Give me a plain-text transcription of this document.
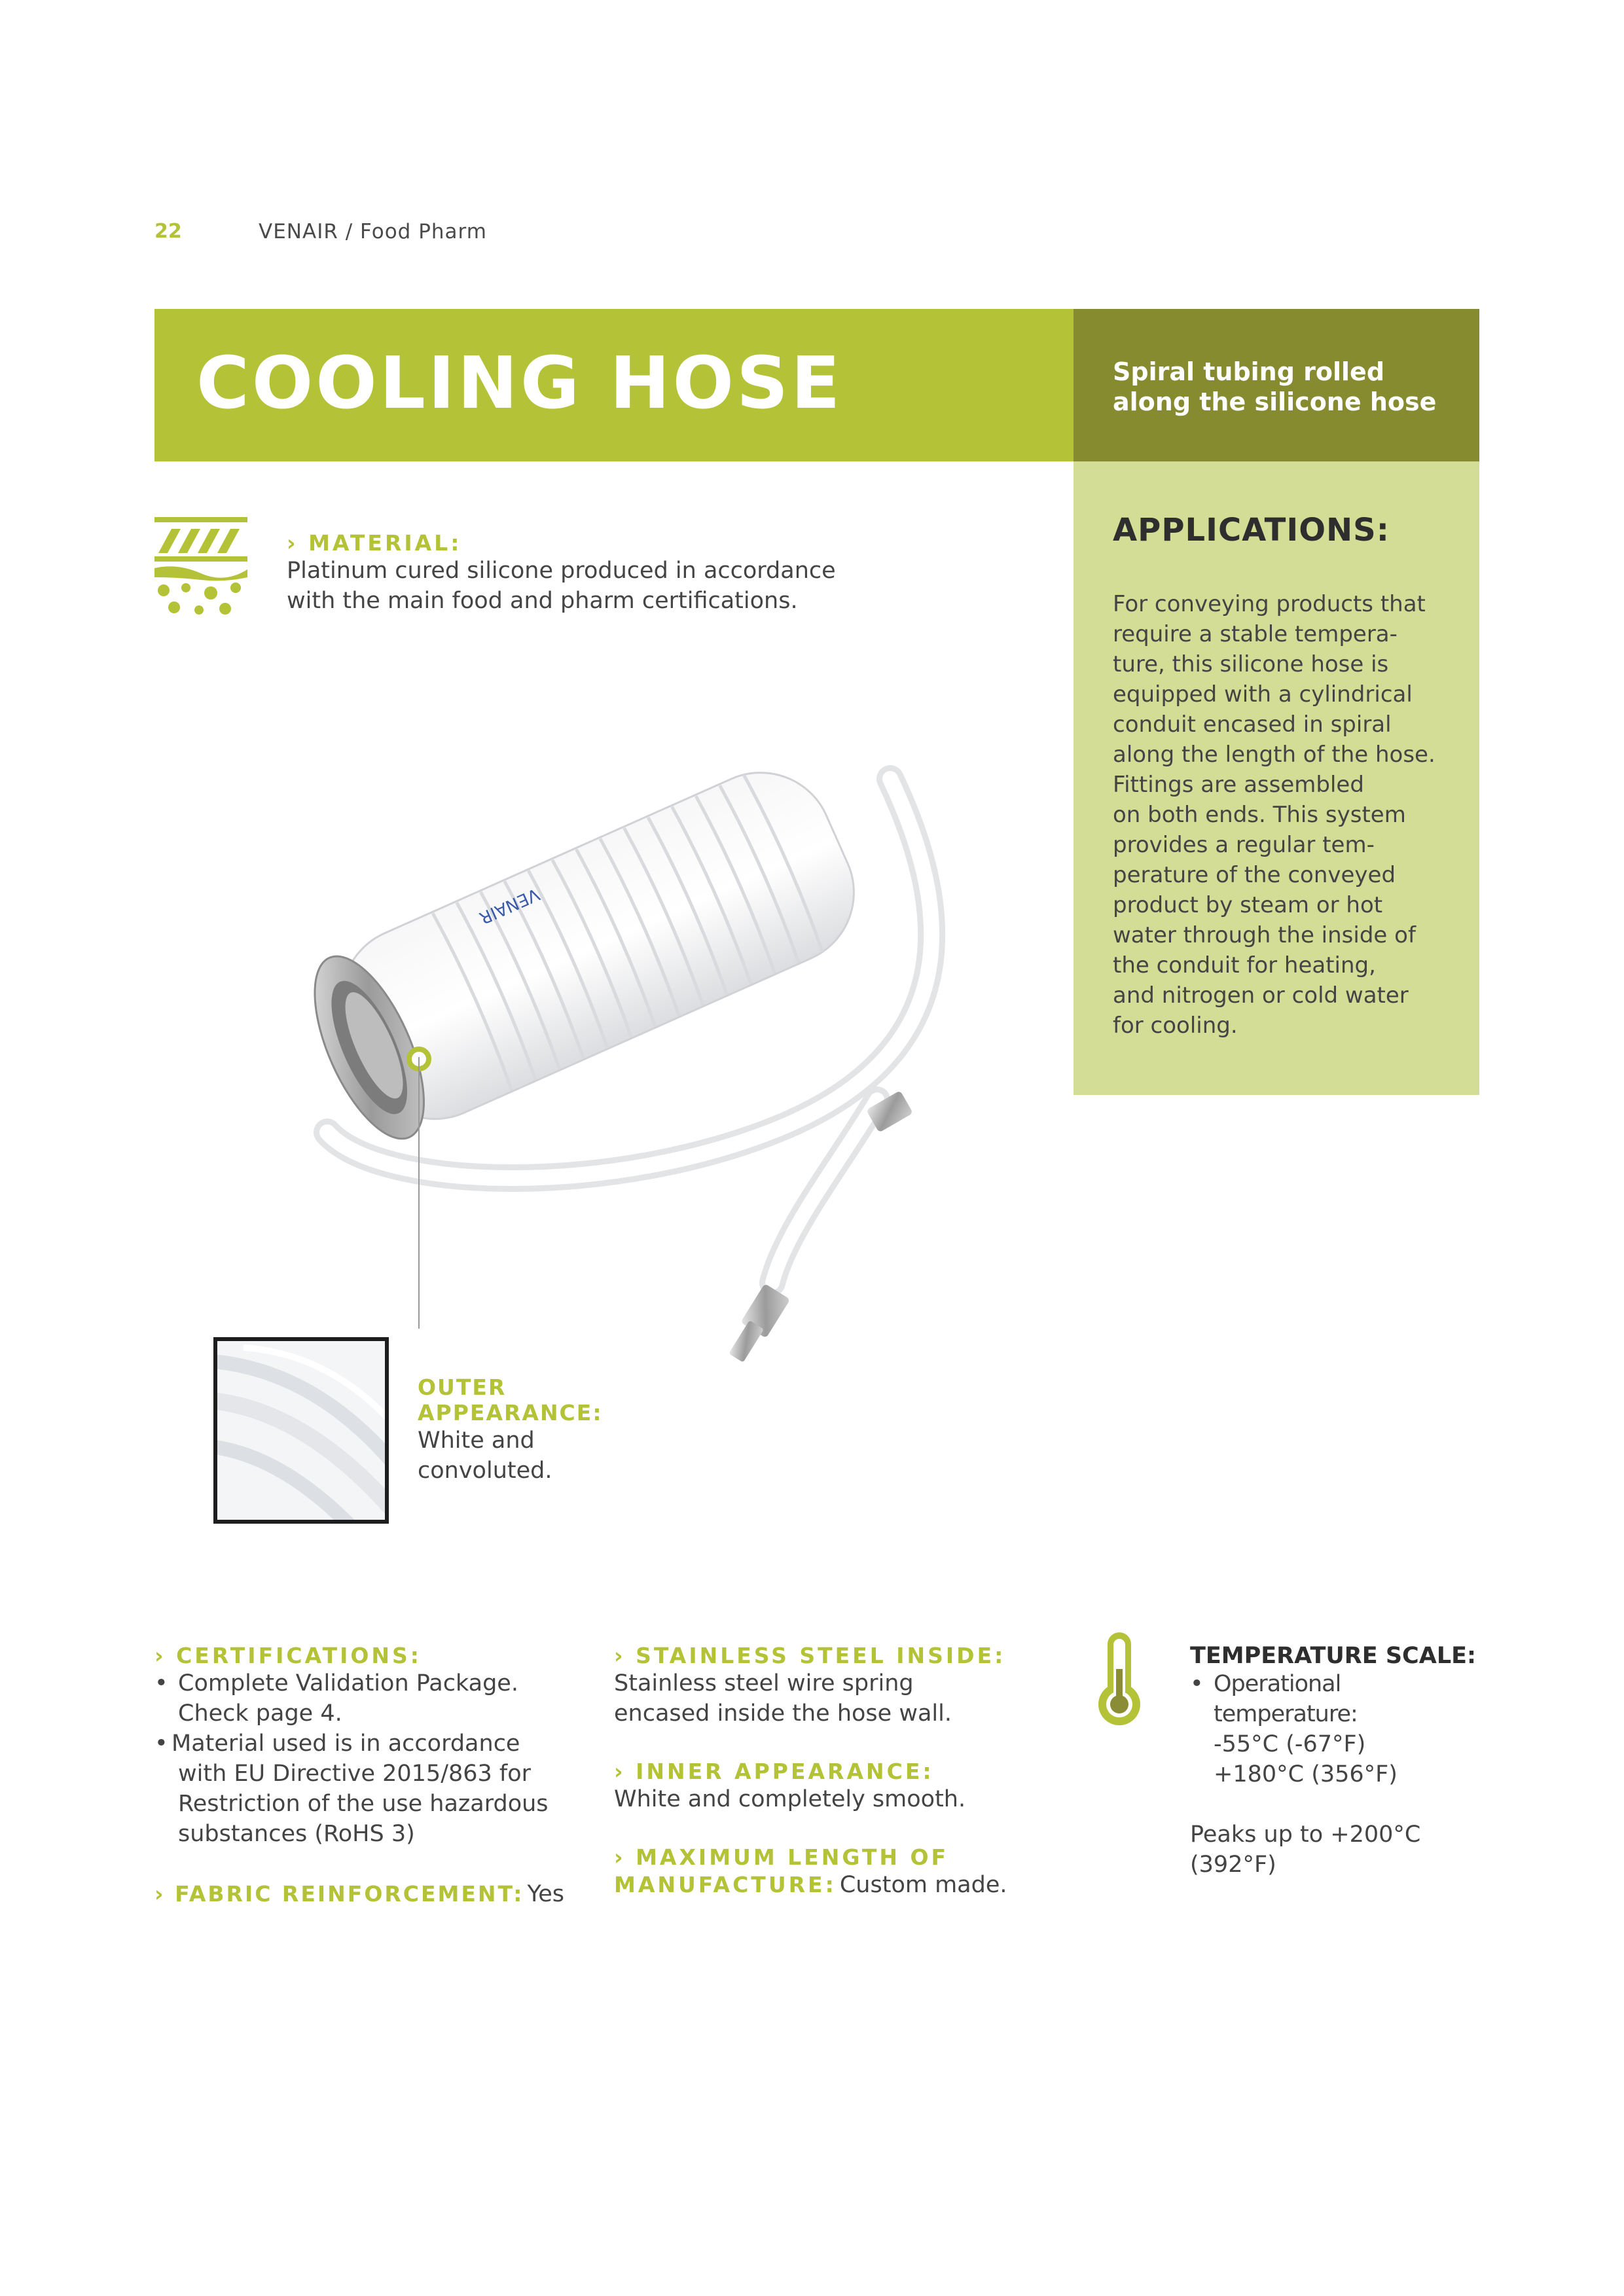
22	VENAIR / Food Pharm
COOLING HOSE	Spiral tubing rolled along the silicone hose
APPLICATIONS:
For conveying products that
require a stable tempera-
ture, this silicone hose is
equipped with a cylindrical
conduit encased in spiral
along the length of the hose.
Fittings are assembled
on both ends. This system
provides a regular tem-
perature of the conveyed
product by steam or hot
water through the inside of
the conduit for heating,
and nitrogen or cold water
for cooling.
› MATERIAL:
Platinum cured silicone produced in accordance
with the main food and pharm certifications.
VENAIR
OUTER
APPEARANCE:
White and
convoluted.
› CERTIFICATIONS:
• Complete Validation Package.
Check page 4.
• Material used is in accordance
with EU Directive 2015/863 for
Restriction of the use hazardous
substances (RoHS 3)
› FABRIC REINFORCEMENT: Yes
› STAINLESS STEEL INSIDE:
Stainless steel wire spring
encased inside the hose wall.
› INNER APPEARANCE:
White and completely smooth.
› MAXIMUM LENGTH OF
MANUFACTURE: Custom made.
TEMPERATURE SCALE:
• Operational temperature:
-55°C (-67°F)
+180°C (356°F)
Peaks up to +200°C
(392°F)
